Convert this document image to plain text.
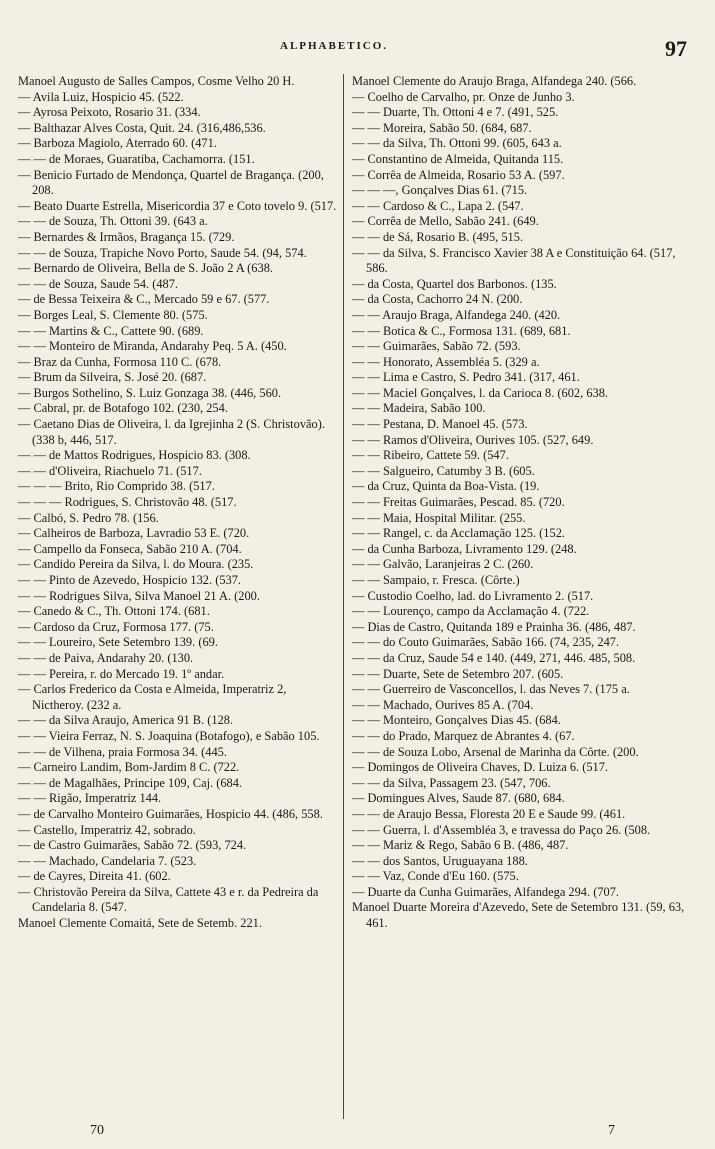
ALPHABETICO.	97

Manoel Augusto de Salles Campos, Cosme Velho 20 H.

— Avila Luiz, Hospicio 45. (522.

— Ayrosa Peixoto, Rosario 31. (334.

— Balthazar Alves Costa, Quit. 24. (316,486,536.

— Barboza Magiolo, Aterrado 60. (471.

— — de Moraes, Guaratiba, Cachamorra. (151.

— Benicio Furtado de Mendonça, Quartel de Bragança. (200, 208.

— Beato Duarte Estrella, Misericordia 37 e Coto tovelo 9. (517.

— — de Souza, Th. Ottoni 39. (643 a.

— Bernardes & Irmãos, Bragança 15. (729.

— — de Souza, Trapiche Novo Porto, Saude 54. (94, 574.

— Bernardo de Oliveira, Bella de S. João 2 A (638.

— — de Souza, Saude 54. (487.

— de Bessa Teixeira & C., Mercado 59 e 67. (577.

— Borges Leal, S. Clemente 80. (575.

— — Martins & C., Cattete 90. (689.

— — Monteiro de Miranda, Andarahy Peq. 5 A. (450.

— Braz da Cunha, Formosa 110 C. (678.

— Brum da Silveira, S. José 20. (687.

— Burgos Sothelino, S. Luiz Gonzaga 38. (446, 560.

— Cabral, pr. de Botafogo 102. (230, 254.

— Caetano Dias de Oliveira, l. da Igrejinha 2 (S. Christovão). (338 b, 446, 517.

— — de Mattos Rodrigues, Hospicio 83. (308.

— — d'Oliveira, Riachuelo 71. (517.

— — — Brito, Rio Comprido 38. (517.

— — — Rodrigues, S. Christovão 48. (517.

— Calbó, S. Pedro 78. (156.

— Calheiros de Barboza, Lavradio 53 E. (720.

— Campello da Fonseca, Sabão 210 A. (704.

— Candido Pereira da Silva, l. do Moura. (235.

— — Pinto de Azevedo, Hospicio 132. (537.

— — Rodrigues Silva, Silva Manoel 21 A. (200.

— Canedo & C., Th. Ottoni 174. (681.

— Cardoso da Cruz, Formosa 177. (75.

— — Loureiro, Sete Setembro 139. (69.

— — de Paiva, Andarahy 20. (130.

— — Pereira, r. do Mercado 19. 1º andar.

— Carlos Frederico da Costa e Almeida, Imperatriz 2, Nictheroy. (232 a.

— — da Silva Araujo, America 91 B. (128.

— — Vieira Ferraz, N. S. Joaquina (Botafogo), e Sabão 105.

— — de Vilhena, praia Formosa 34. (445.

— Carneiro Landim, Bom-Jardim 8 C. (722.

— — de Magalhães, Principe 109, Caj. (684.

— — Rigão, Imperatriz 144.

— de Carvalho Monteiro Guimarães, Hospicio 44. (486, 558.

— Castello, Imperatriz 42, sobrado.

— de Castro Guimarães, Sabão 72. (593, 724.

— — Machado, Candelaria 7. (523.

— de Cayres, Direita 41. (602.

— Christovão Pereira da Silva, Cattete 43 e r. da Pedreira da Candelaria 8. (547.

Manoel Clemente Comaitá, Sete de Setemb. 221.

Manoel Clemente do Araujo Braga, Alfandega 240. (566.

— Coelho de Carvalho, pr. Onze de Junho 3.

— — Duarte, Th. Ottoni 4 e 7. (491, 525.

— — Moreira, Sabão 50. (684, 687.

— — da Silva, Th. Ottoni 99. (605, 643 a.

— Constantino de Almeida, Quitanda 115.

— Corrêa de Almeida, Rosario 53 A. (597.

— — —, Gonçalves Dias 61. (715.

— — Cardoso & C., Lapa 2. (547.

— Corrêa de Mello, Sabão 241. (649.

— — de Sá, Rosario B. (495, 515.

— — da Silva, S. Francisco Xavier 38 A e Constituição 64. (517, 586.

— da Costa, Quartel dos Barbonos. (135.

— da Costa, Cachorro 24 N. (200.

— — Araujo Braga, Alfandega 240. (420.

— — Botica & C., Formosa 131. (689, 681.

— — Guimarães, Sabão 72. (593.

— — Honorato, Assembléa 5. (329 a.

— — Lima e Castro, S. Pedro 341. (317, 461.

— — Maciel Gonçalves, l. da Carioca 8. (602, 638.

— — Madeira, Sabão 100.

— — Pestana, D. Manoel 45. (573.

— — Ramos d'Oliveira, Ourives 105. (527, 649.

— — Ribeiro, Cattete 59. (547.

— — Salgueiro, Catumby 3 B. (605.

— da Cruz, Quinta da Boa-Vista. (19.

— — Freitas Guimarães, Pescad. 85. (720.

— — Maia, Hospital Militar. (255.

— — Rangel, c. da Acclamação 125. (152.

— da Cunha Barboza, Livramento 129. (248.

— — Galvão, Laranjeiras 2 C. (260.

— — Sampaio, r. Fresca. (Côrte.)

— Custodio Coelho, lad. do Livramento 2. (517.

— — Lourenço, campo da Acclamação 4. (722.

— Dias de Castro, Quitanda 189 e Prainha 36. (486, 487.

— — do Couto Guimarães, Sabão 166. (74, 235, 247.

— — da Cruz, Saude 54 e 140. (449, 271, 446. 485, 508.

— — Duarte, Sete de Setembro 207. (605.

— — Guerreiro de Vasconcellos, l. das Neves 7. (175 a.

— — Machado, Ourives 85 A. (704.

— — Monteiro, Gonçalves Dias 45. (684.

— — do Prado, Marquez de Abrantes 4. (67.

— — de Souza Lobo, Arsenal de Marinha da Côrte. (200.

— Domingos de Oliveira Chaves, D. Luiza 6. (517.

— — da Silva, Passagem 23. (547, 706.

— Domingues Alves, Saude 87. (680, 684.

— — de Araujo Bessa, Floresta 20 E e Saude 99. (461.

— — Guerra, l. d'Assembléa 3, e travessa do Paço 26. (508.

— — Mariz & Rego, Sabão 6 B. (486, 487.

— — dos Santos, Uruguayana 188.

— — Vaz, Conde d'Eu 160. (575.

— Duarte da Cunha Guimarães, Alfandega 294. (707.

Manoel Duarte Moreira d'Azevedo, Sete de Setembro 131. (59, 63, 461.

70	7
